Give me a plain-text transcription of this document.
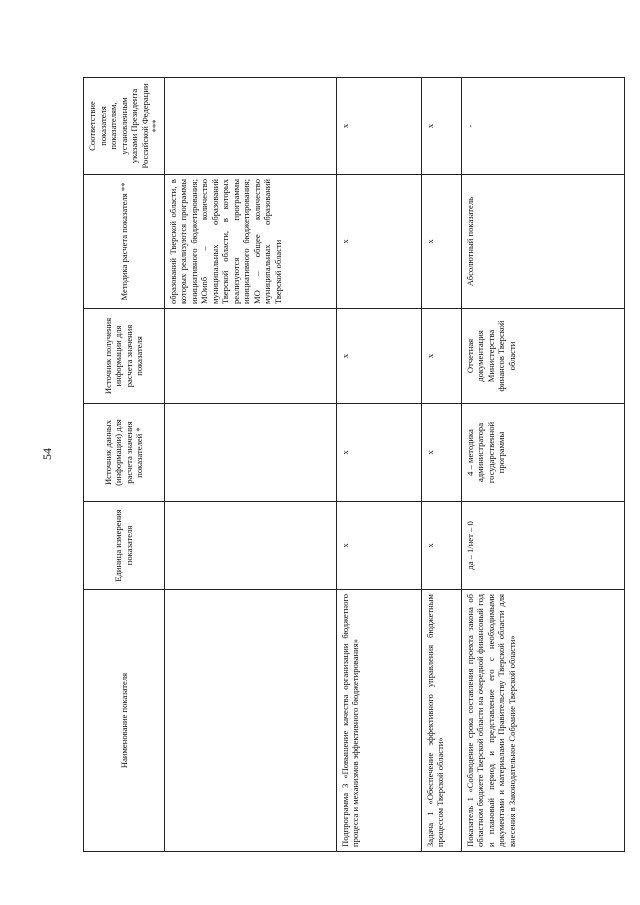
54
Наименование показателя	Единица измерения показателя	Источник данных (информации) для расчета значения показателей *	Источник получения информации для расчета значения показателя	Методика расчета показателя **	Соответствие показателя показателям, установленным указами Президента Российской Федерации ***
				образований Тверской области, в которых реализуются программы инициативного бюджетирования; МОиnб – количество муниципальных образований Тверской области, в которых реализуются программы инициативного бюджетирования; МО – общее количество муниципальных образований Тверской области	
Подпрограмма 3 «Повышение качества организации бюджетного процесса и механизмов эффективного бюджетирования»	х	х	х	х	х
Задача 1 «Обеспечение эффективного управления бюджетным процессом Тверской области»	х	х	х	х	х
Показатель 1 «Соблюдение срока составления проекта закона об областном бюджете Тверской области на очередной финансовый год и плановый период и представление его с необходимыми документами и материалами Правительству Тверской области для внесения в Законодательное Собрание Тверской области»	да – 1/нет – 0	4 – методика администратора государственной программы	Отчетная документация Министерства финансов Тверской области	Абсолютный показатель	-
